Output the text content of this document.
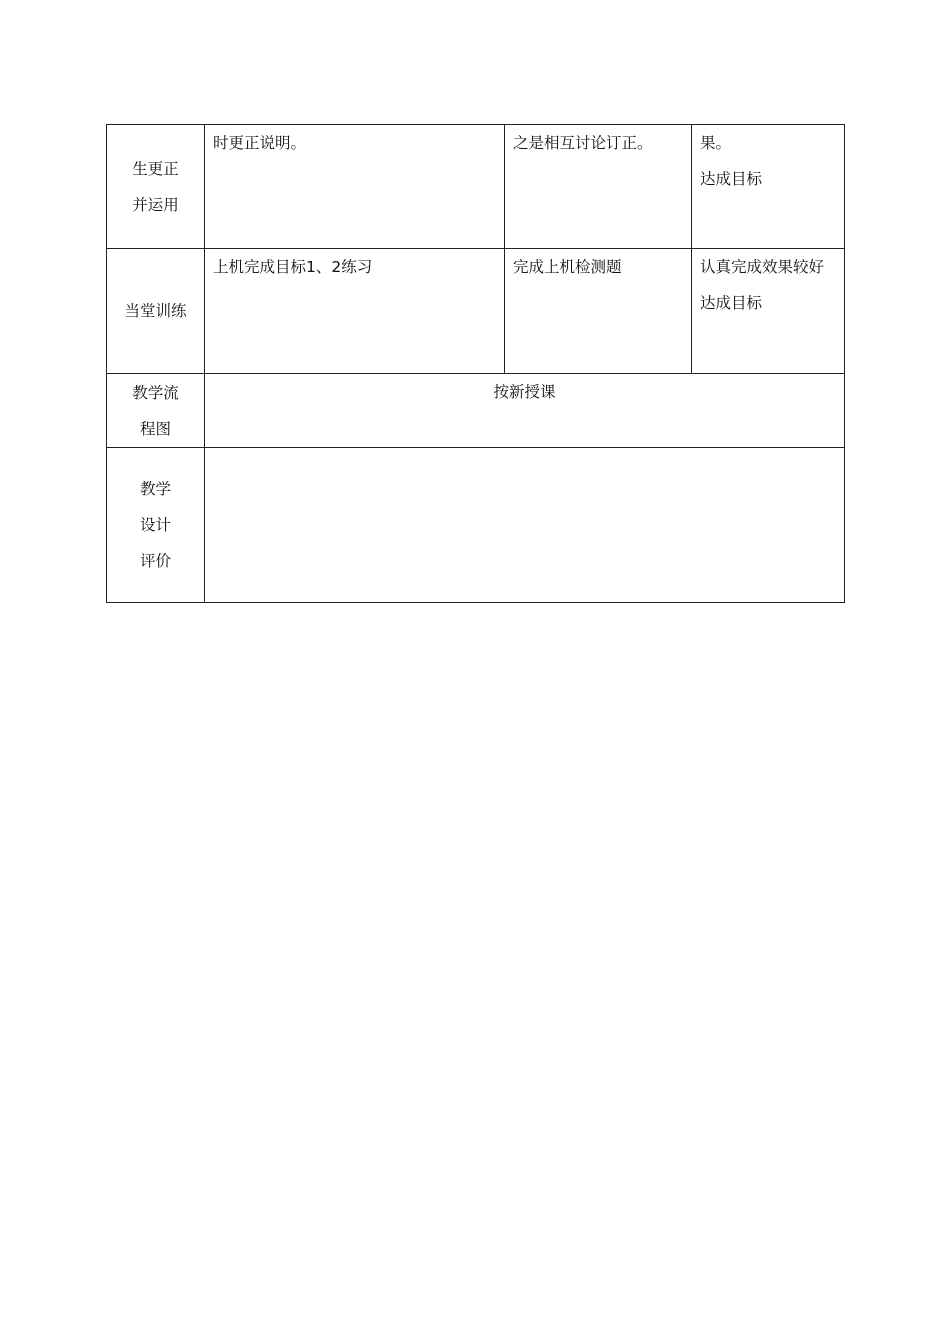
生更正
并运用	时更正说明。	之是相互讨论订正。	果。
达成目标

当堂训练	上机完成目标1、2练习	完成上机检测题	认真完成效果较好
达成目标

教学流
程图	按新授课		

教学
设计
评价			
